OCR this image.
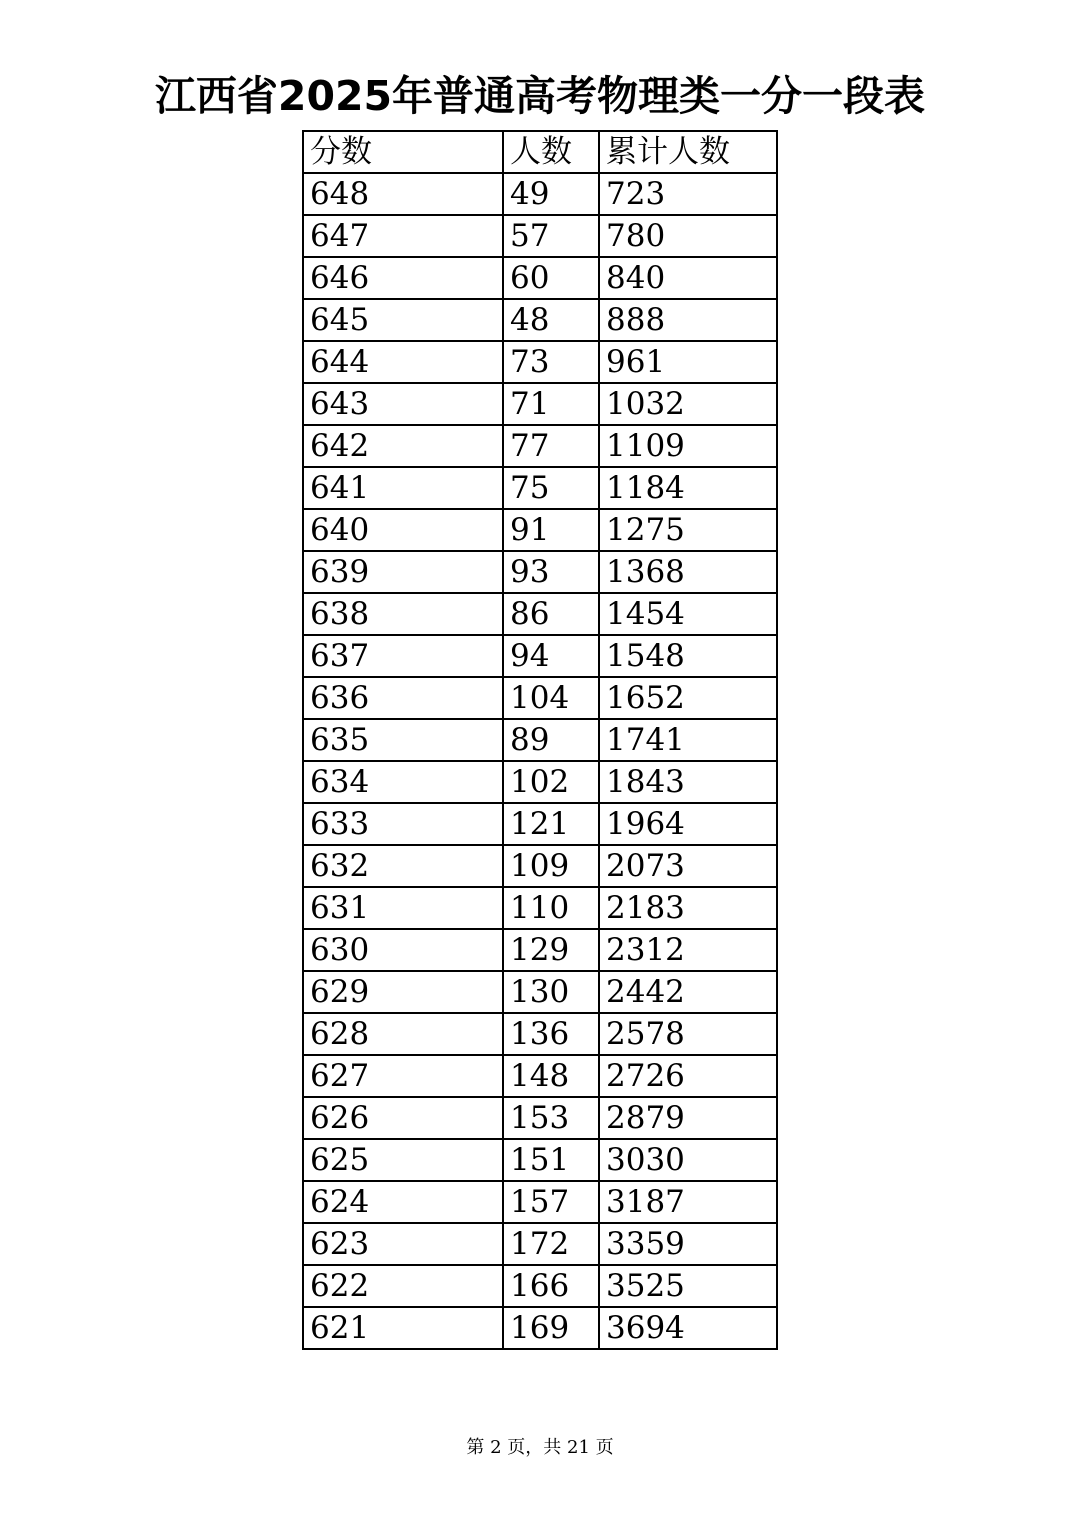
江西省2025年普通高考物理类一分一段表
分数	人数	累计人数
648	49	723
647	57	780
646	60	840
645	48	888
644	73	961
643	71	1032
642	77	1109
641	75	1184
640	91	1275
639	93	1368
638	86	1454
637	94	1548
636	104	1652
635	89	1741
634	102	1843
633	121	1964
632	109	2073
631	110	2183
630	129	2312
629	130	2442
628	136	2578
627	148	2726
626	153	2879
625	151	3030
624	157	3187
623	172	3359
622	166	3525
621	169	3694
第 2 页，共 21 页
